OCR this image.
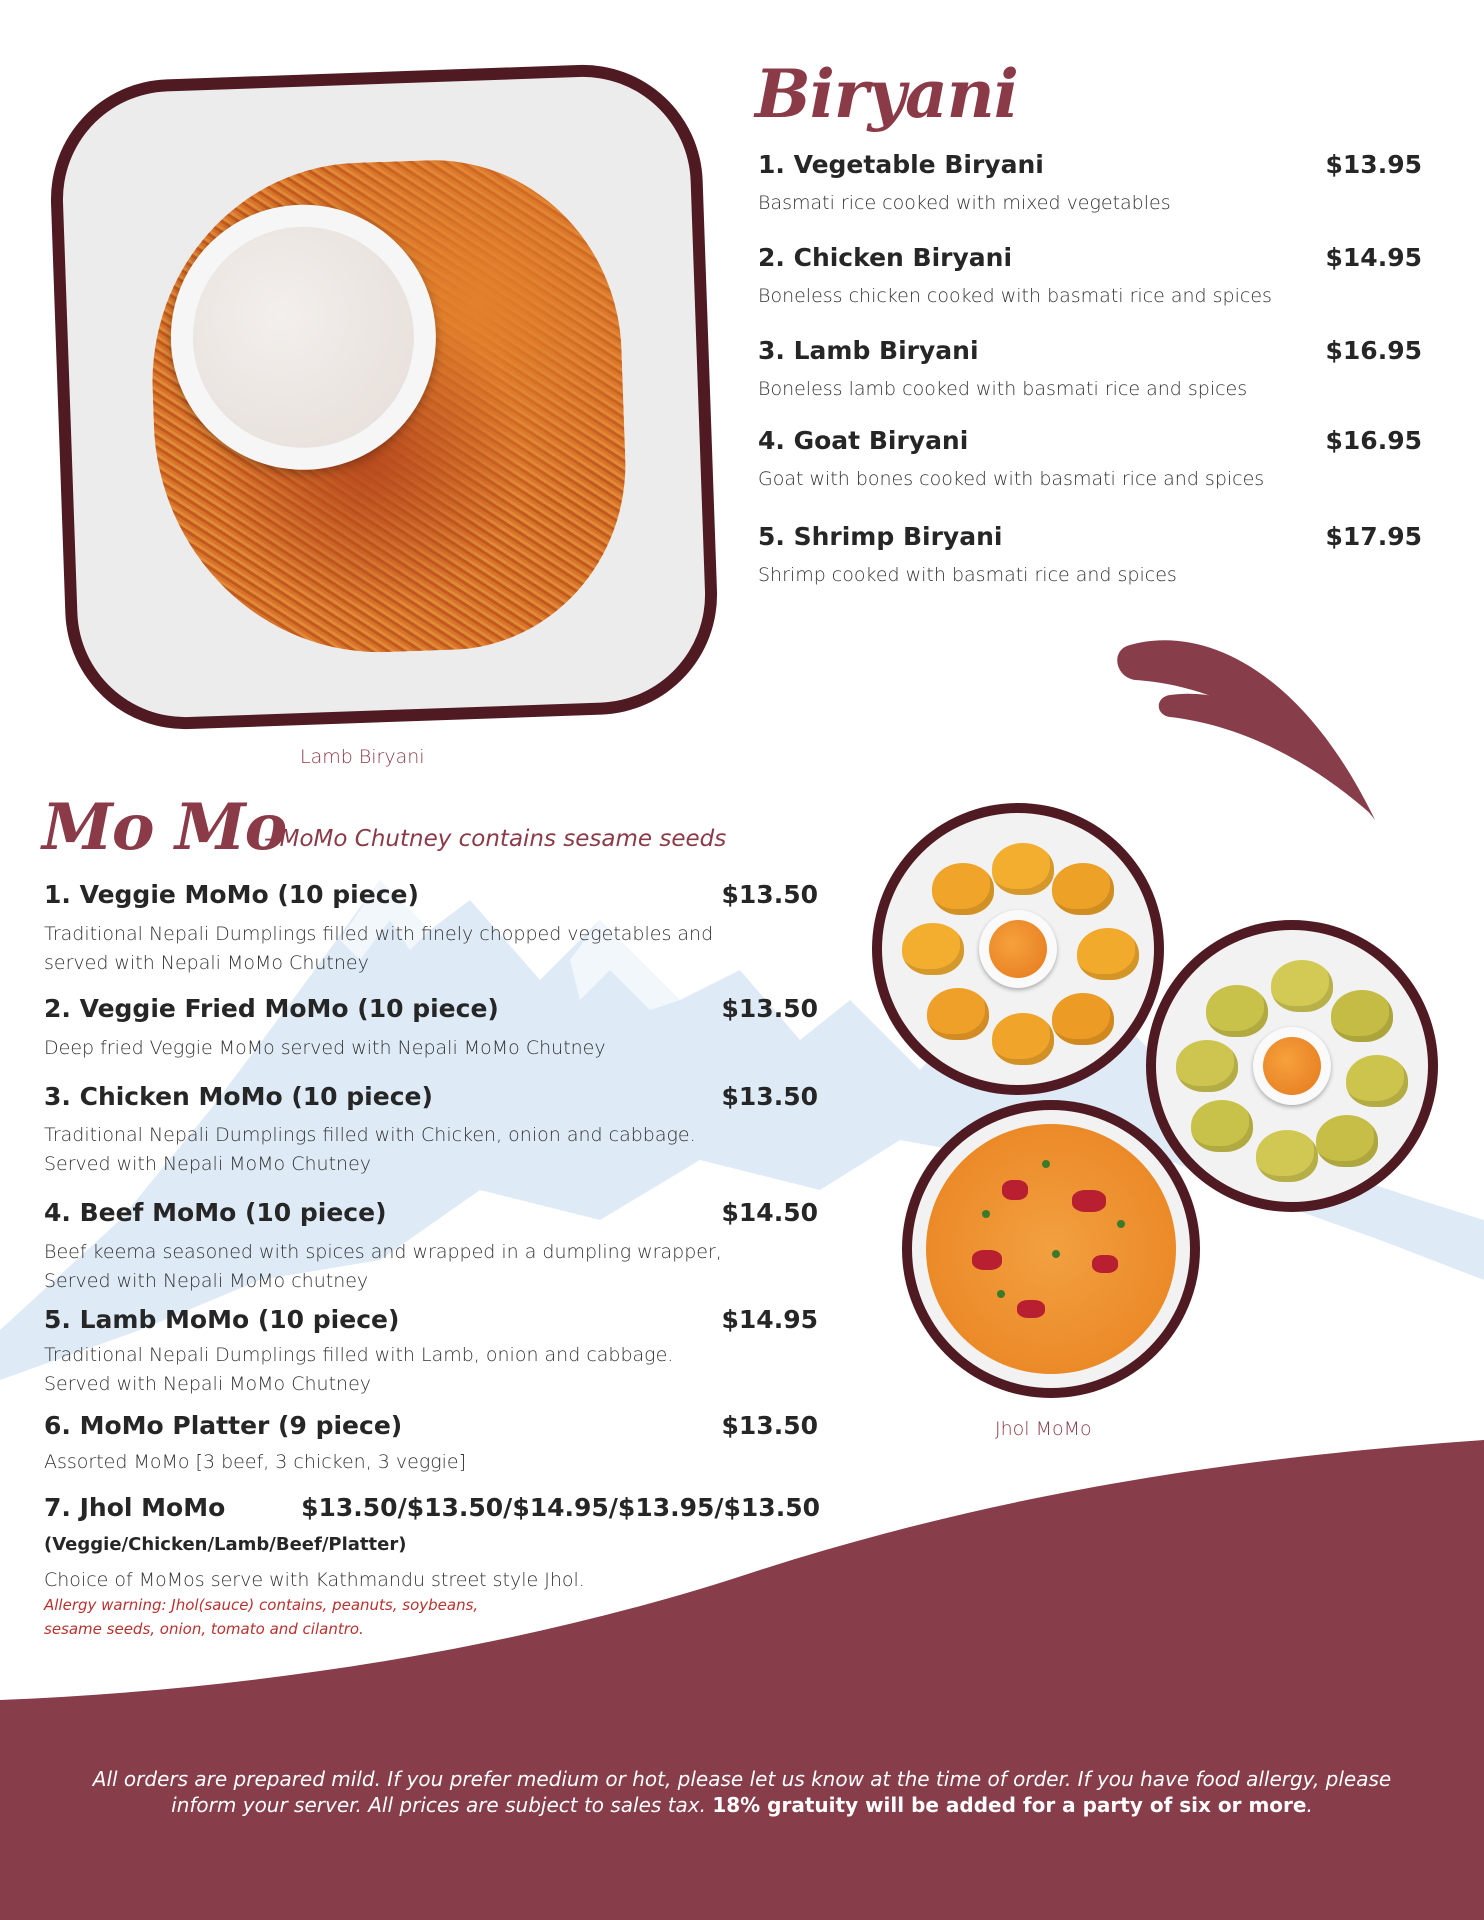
Lamb Biryani
Biryani
1. Vegetable Biryani	$13.95
Basmati rice cooked with mixed vegetables
2. Chicken Biryani	$14.95
Boneless chicken cooked with basmati rice and spices
3. Lamb Biryani	$16.95
Boneless lamb cooked with basmati rice and spices
4. Goat Biryani	$16.95
Goat with bones cooked with basmati rice and spices
5. Shrimp Biryani	$17.95
Shrimp cooked with basmati rice and spices
Mo Mo
- MoMo Chutney contains sesame seeds
1. Veggie MoMo (10 piece)	$13.50
Traditional Nepali Dumplings filled with finely chopped vegetables and
served with Nepali MoMo Chutney
2. Veggie Fried MoMo (10 piece)	$13.50
Deep fried Veggie MoMo served with Nepali MoMo Chutney
3. Chicken MoMo (10 piece)	$13.50
Traditional Nepali Dumplings filled with Chicken, onion and cabbage.
Served with Nepali MoMo Chutney
4. Beef MoMo (10 piece)	$14.50
Beef keema seasoned with spices and wrapped in a dumpling wrapper,
Served with Nepali MoMo chutney
5. Lamb MoMo (10 piece)	$14.95
Traditional Nepali Dumplings filled with Lamb, onion and cabbage.
Served with Nepali MoMo Chutney
6. MoMo Platter (9 piece)	$13.50
Assorted MoMo [3 beef, 3 chicken, 3 veggie]
7. Jhol MoMo	$13.50/$13.50/$14.95/$13.95/$13.50
(Veggie/Chicken/Lamb/Beef/Platter)
Choice of MoMos serve with Kathmandu street style Jhol.
Allergy warning: Jhol(sauce) contains, peanuts, soybeans,
sesame seeds, onion, tomato and cilantro.
Jhol MoMo
All orders are prepared mild. If you prefer medium or hot, please let us know at the time of order. If you have food allergy, please
inform your server. All prices are subject to sales tax. 18% gratuity will be added for a party of six or more.
